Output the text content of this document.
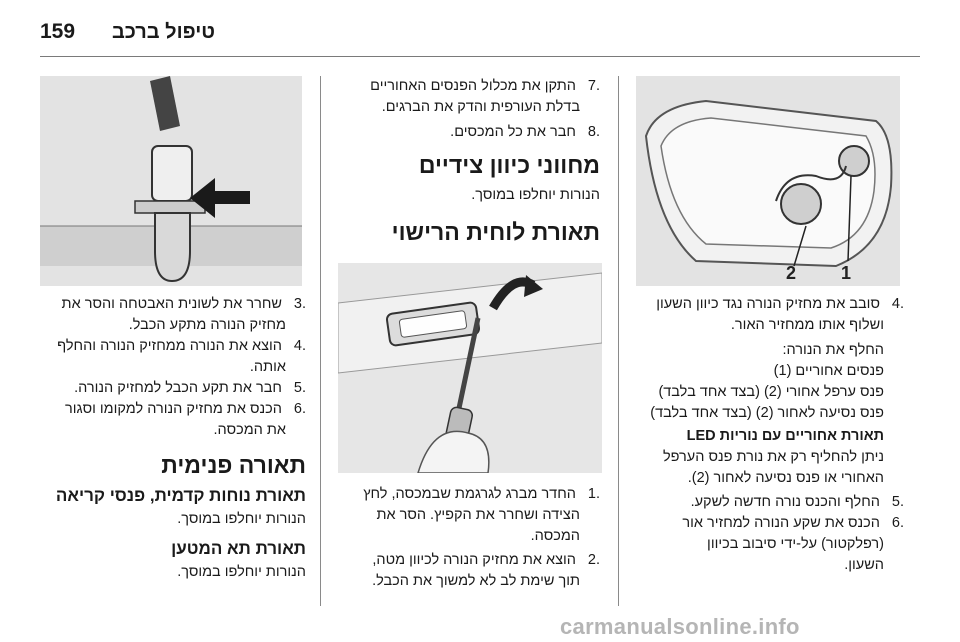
159 טיפול ברכב
2 1
.4 סובב את מחזיק הנורה נגד כיוון השעון
ושלוף אותו ממחזיר האור.
החלף את הנורה:
פנסים אחוריים (1)
פנס ערפל אחורי (2) (בצד אחד בלבד)
פנס נסיעה לאחור (2) (בצד אחד בלבד)
תאורת אחוריים עם נוריות LED
ניתן להחליף רק את נורת פנס הערפל
האחורי או פנס נסיעה לאחור (2).
.5 החלף והכנס נורה חדשה לשקע.
.6 הכנס את שקע הנורה למחזיר אור
(רפלקטור) על-ידי סיבוב בכיוון
השעון.
.7 התקן את מכלול הפנסים האחוריים
בדלת העורפית והדק את הברגים.
.8 חבר את כל המכסים.
מחווני כיוון צידיים
הנורות יוחלפו במוסך.
תאורת לוחית הרישוי
.1 החדר מברג לגרגמת שבמכסה, לחץ
הצידה ושחרר את הקפיץ. הסר את
המכסה.
.2 הוצא את מחזיק הנורה לכיוון מטה,
תוך שימת לב לא למשוך את הכבל.
.3 שחרר את לשונית האבטחה והסר את
מחזיק הנורה מתקע הכבל.
.4 הוצא את הנורה ממחזיק הנורה והחלף
אותה.
.5 חבר את תקע הכבל למחזיק הנורה.
.6 הכנס את מחזיק הנורה למקומו וסגור
את המכסה.
תאורה פנימית
תאורת נוחות קדמית, פנסי קריאה
הנורות יוחלפו במוסך.
תאורת תא המטען
הנורות יוחלפו במוסך.
carmanualsonline.info
